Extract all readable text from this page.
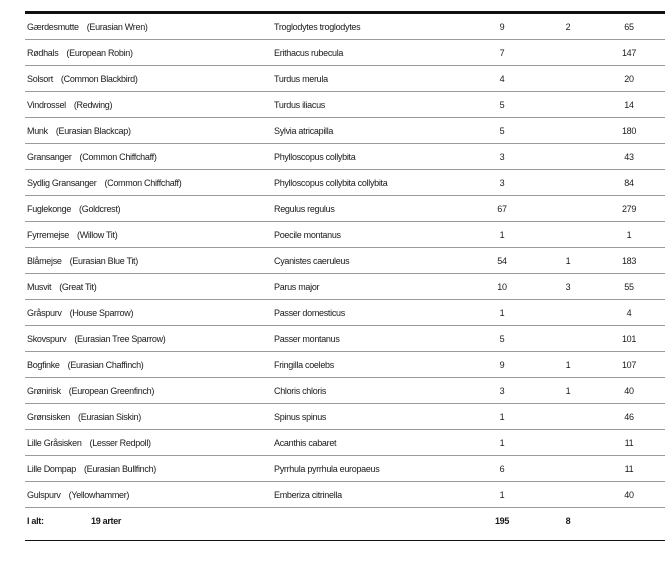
Gærdesmutte (Eurasian Wren)	Troglodytes troglodytes	9	2	65
Rødhals (European Robin)	Erithacus rubecula	7		147
Solsort (Common Blackbird)	Turdus merula	4		20
Vindrossel (Redwing)	Turdus iliacus	5		14
Munk (Eurasian Blackcap)	Sylvia atricapilla	5		180
Gransanger (Common Chiffchaff)	Phylloscopus collybita	3		43
Sydlig Gransanger (Common Chiffchaff)	Phylloscopus collybita collybita	3		84
Fuglekonge (Goldcrest)	Regulus regulus	67		279
Fyrremejse (Willow Tit)	Poecile montanus	1		1
Blåmejse (Eurasian Blue Tit)	Cyanistes caeruleus	54	1	183
Musvit (Great Tit)	Parus major	10	3	55
Gråspurv (House Sparrow)	Passer domesticus	1		4
Skovspurv (Eurasian Tree Sparrow)	Passer montanus	5		101
Bogfinke (Eurasian Chaffinch)	Fringilla coelebs	9	1	107
Grønirisk (European Greenfinch)	Chloris chloris	3	1	40
Grønsisken (Eurasian Siskin)	Spinus spinus	1		46
Lille Gråsisken (Lesser Redpoll)	Acanthis cabaret	1		11
Lille Dompap (Eurasian Bullfinch)	Pyrrhula pyrrhula europaeus	6		11
Gulspurv (Yellowhammer)	Emberiza citrinella	1		40
I alt: 19 arter		195	8	
